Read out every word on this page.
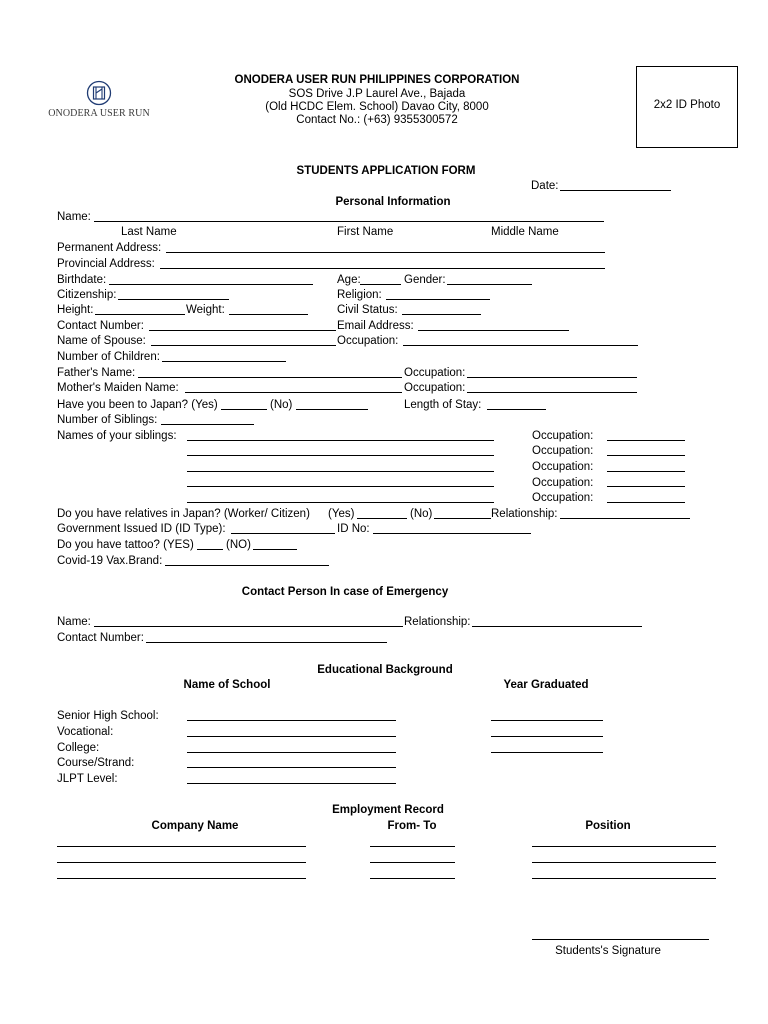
ONODERA USER RUN
ONODERA USER RUN PHILIPPINES CORPORATION
SOS Drive J.P Laurel Ave., Bajada
(Old HCDC Elem. School) Davao City, 8000
Contact No.: (+63) 9355300572
2x2 ID Photo
STUDENTS APPLICATION FORM
Date:
Personal Information
Name:
Last Name	First Name	Middle Name
Permanent Address:
Provincial Address:
Birthdate:	Age:	Gender:
Citizenship:	Religion:
Height:	Weight:	Civil Status:
Contact Number:	Email Address:
Name of Spouse:	Occupation:
Number of Children:
Father's Name:	Occupation:
Mother's Maiden Name:	Occupation:
Have you been to Japan? (Yes)	(No)	Length of Stay:
Number of Siblings:
Names of your siblings:	Occupation:
Occupation:
Occupation:
Occupation:
Occupation:
Do you have relatives in Japan? (Worker/ Citizen) (Yes)	(No)	Relationship:
Government Issued ID (ID Type):	ID No:
Do you have tattoo? (YES)	(NO)
Covid-19 Vax.Brand:
Contact Person In case of Emergency
Name:	Relationship:
Contact Number:
Educational Background
Name of School	Year Graduated
Senior High School:
Vocational:
College:
Course/Strand:
JLPT Level:
Employment Record
Company Name	From- To	Position
Students's Signature
